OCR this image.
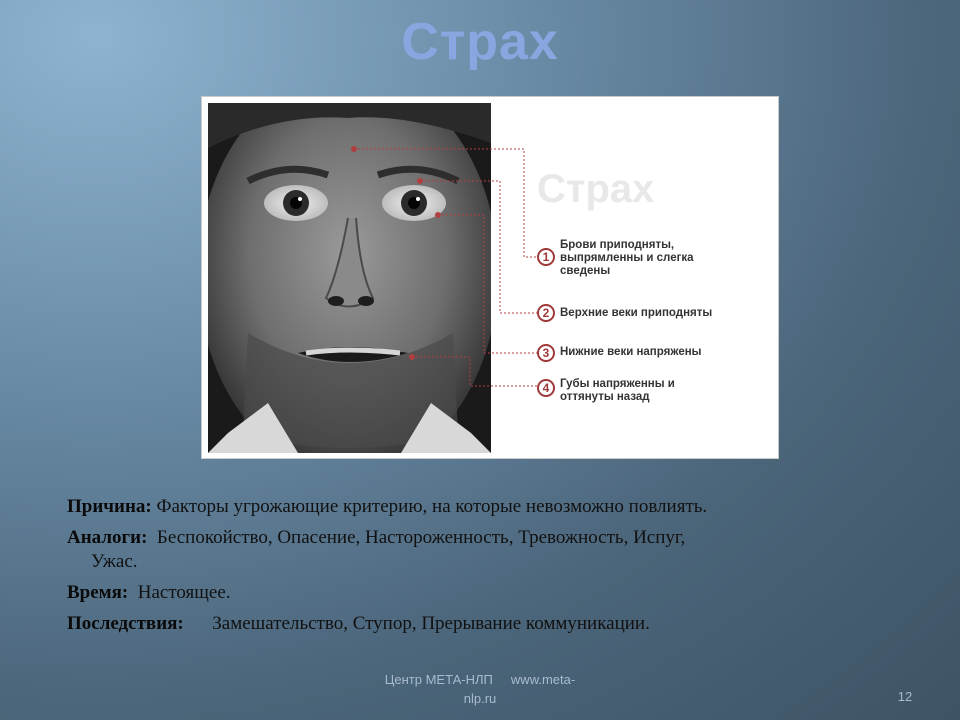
Страх
Страх
1
Брови приподняты, выпрямленны и слегка сведены
2 Верхние веки приподняты
3 Нижние веки напряжены
4 Губы напряженны и оттянуты назад
Причина: Факторы угрожающие критерию, на которые невозможно повлиять.
Аналоги: Беспокойство, Опасение, Настороженность, Тревожность, Испуг,
Ужас.
Время: Настоящее.
Последствия: Замешательство, Ступор, Прерывание коммуникации.
Центр МЕТА-НЛП     www.meta-
nlp.ru	12
